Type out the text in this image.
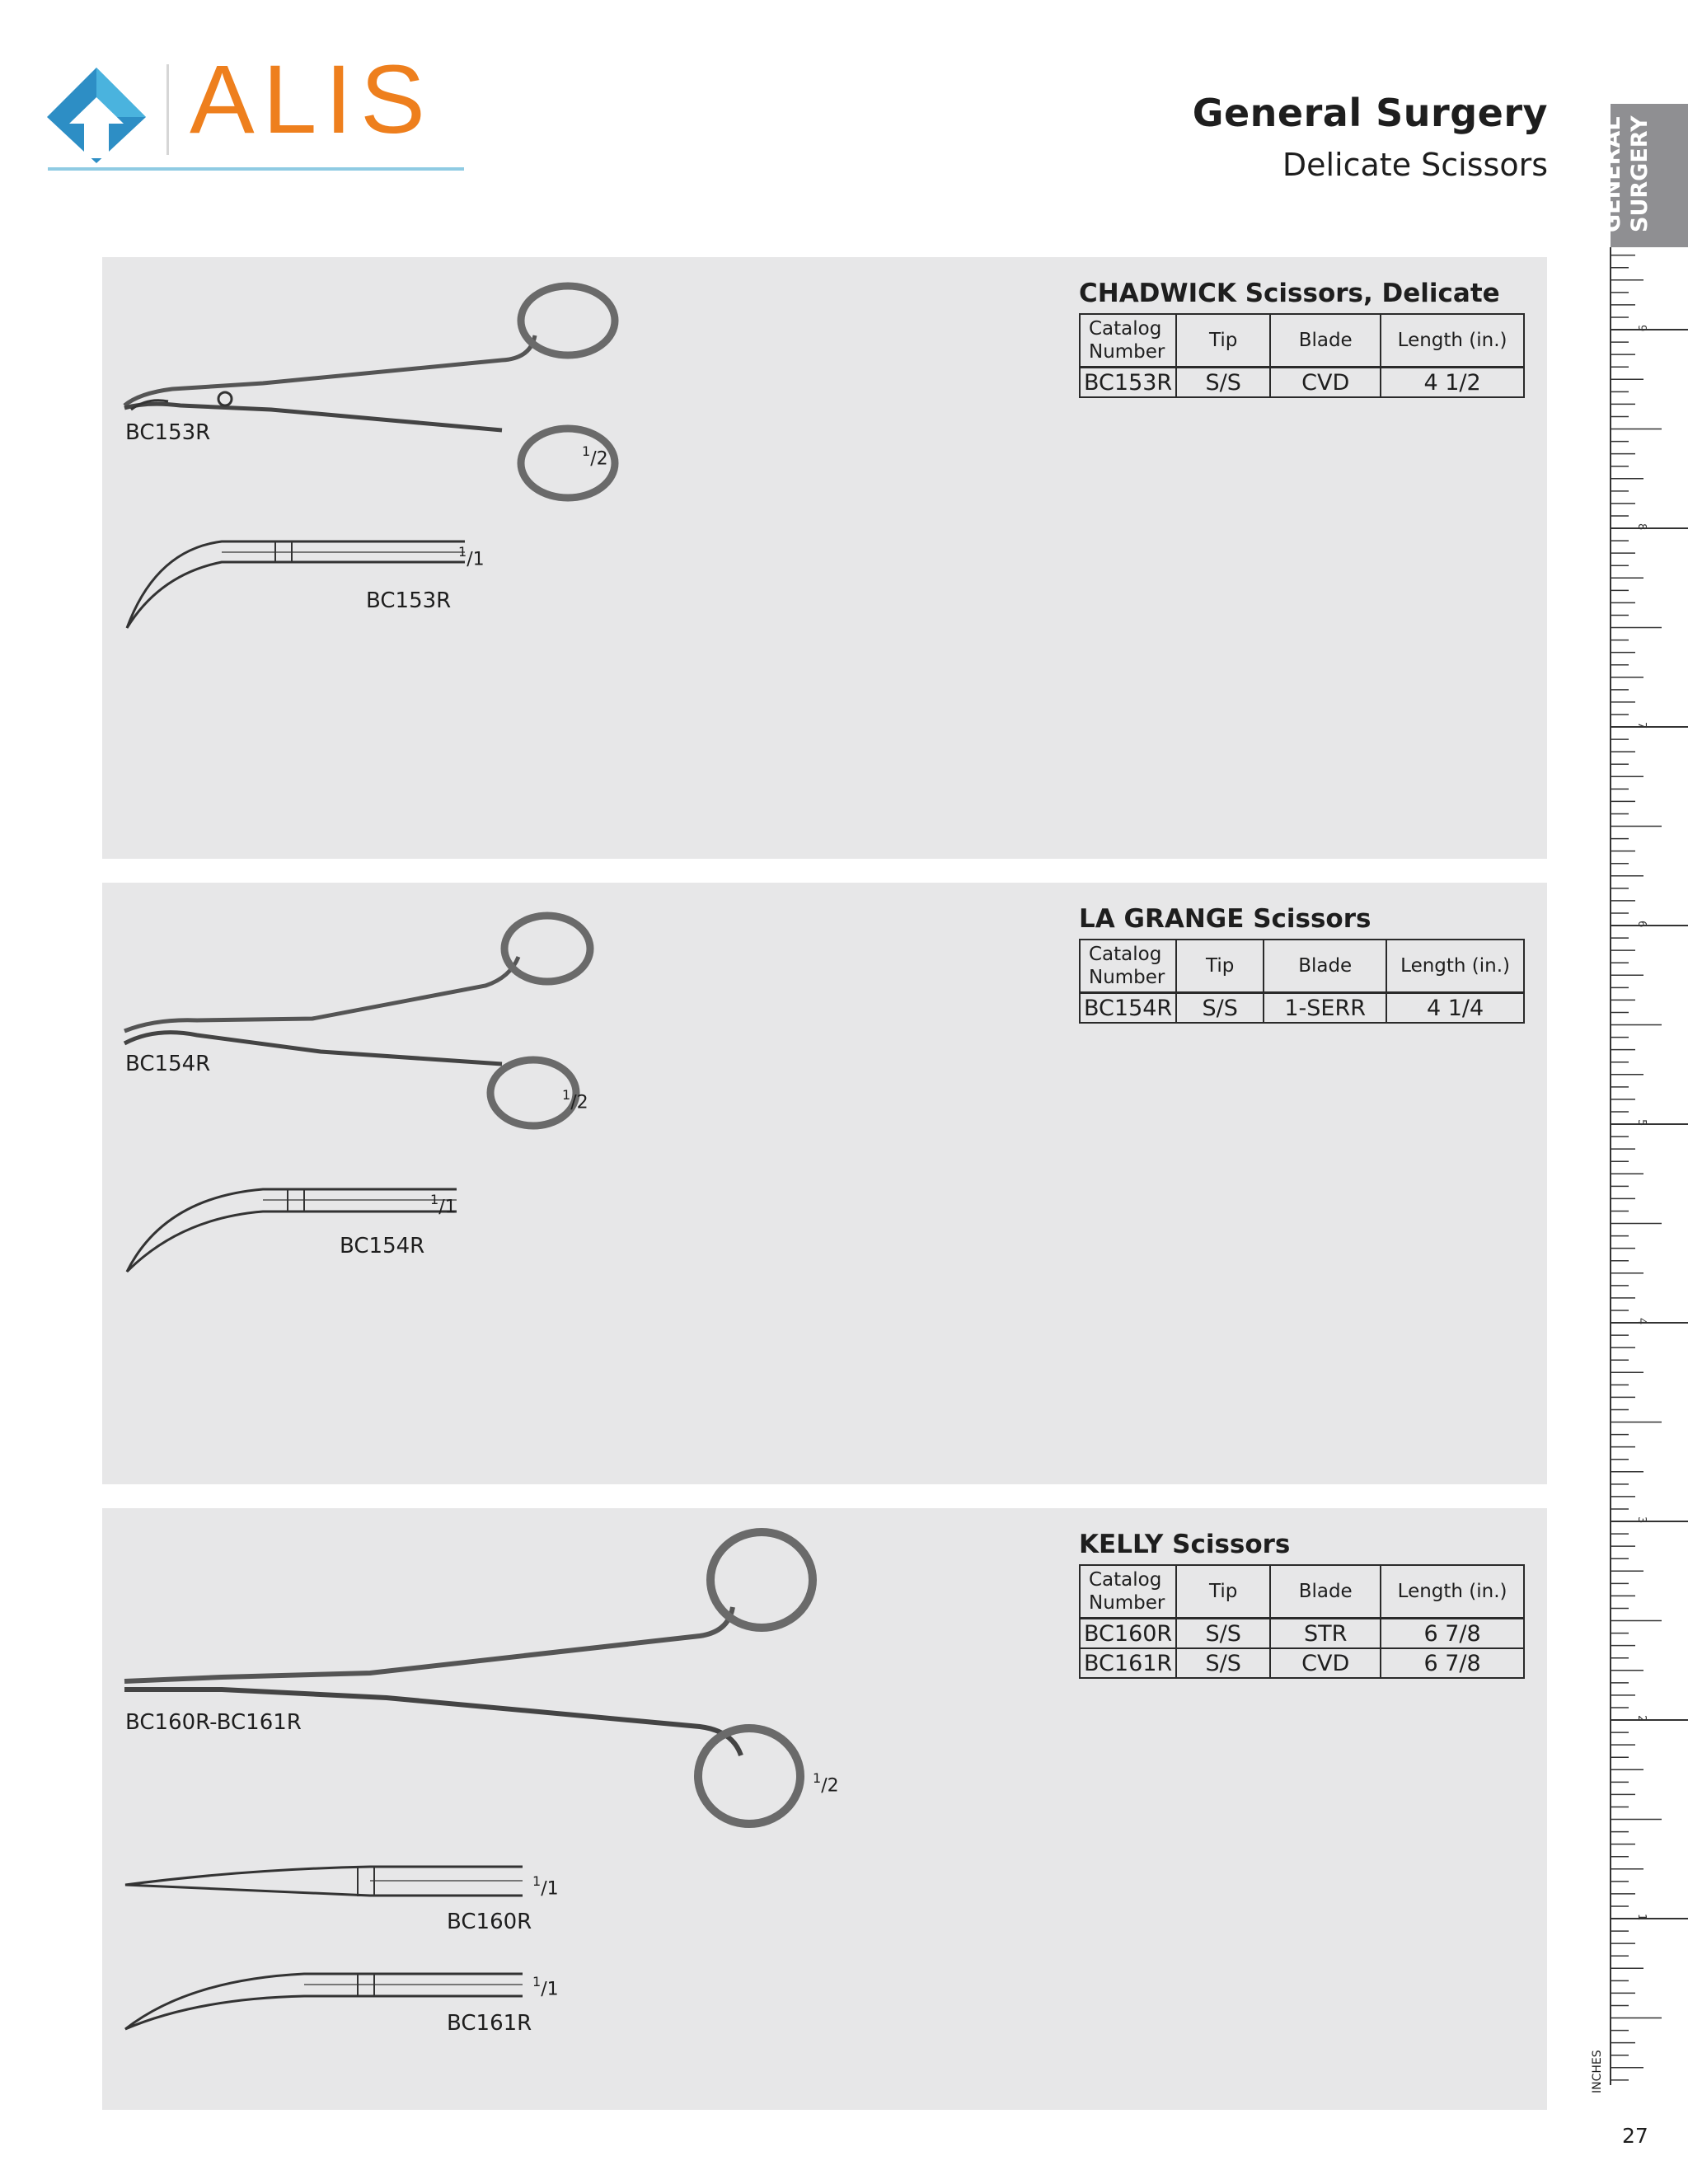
ALIS	General Surgery
Delicate Scissors GENERAL
SURGERY
9
8
7
6
5
4
3
2
1
INCHES
27
BC153R
$^1$/2
$^1$/1
BC153R
CHADWICK Scissors, Delicate
Catalog
Number	Tip	Blade	Length (in.)
BC153R	S/S	CVD	4 1/2
BC154R
$^1$/2
$^1$/1
BC154R
LA GRANGE Scissors
Catalog
Number	Tip	Blade	Length (in.)
BC154R	S/S	1-SERR	4 1/4
BC160R-BC161R
$^1$/2
$^1$/1
BC160R
$^1$/1
BC161R
KELLY Scissors
Catalog
Number	Tip	Blade	Length (in.)
BC160R	S/S	STR	6 7/8
BC161R	S/S	CVD	6 7/8
